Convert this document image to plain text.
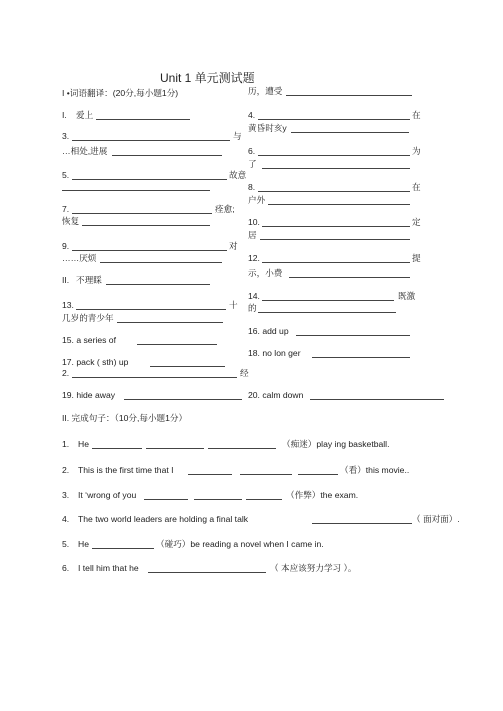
Unit 1 单元测试题
I •词语翻译：(20分,每小题1分)
I. 爱上
3.	与
…相处,进展
5.	故意
7.	痊愈;
恢复
9.	对
……厌烦
II. 不理睬
13.	十
几岁的青少年
15. a series of
17. pack ( sth) up
2.	经
历，遭受
4.	在
黄昏时亥y
6.	为
了
8.	在
户外
10.	定
居
12.	提
示，小费
14.	既激
的
16. add up
18. no lon ger
19. hide away	20. calm down
II. 完成句子：（10分,每小题1分）
1. He	（痴迷）play ing basketball.
2. This is the first time that I	（看）this movie..
3. It ‘wrong of you	（作弊）the exam.
4. The two world leaders are holding a final talk	（ 面对面）.
5. He	（碰巧）be reading a novel when I came in.
6. I tell him that he	（ 本应该努力学习 ）。
